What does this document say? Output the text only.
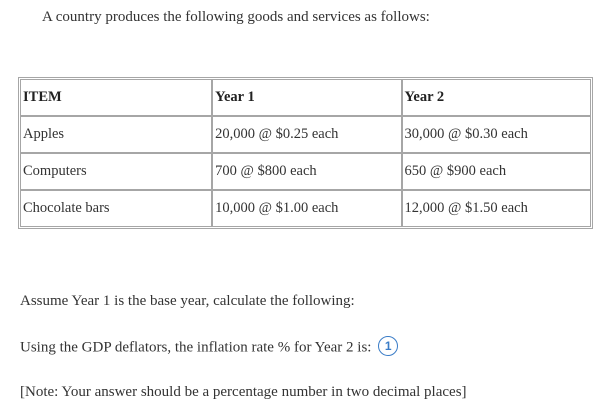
A country produces the following goods and services as follows:
ITEM	Year 1	Year 2
Apples	20,000 @ $0.25 each	30,000 @ $0.30 each
Computers	700 @ $800 each	650 @ $900 each
Chocolate bars	10,000 @ $1.00 each	12,000 @ $1.50 each
Assume Year 1 is the base year, calculate the following:
Using the GDP deflators, the inflation rate % for Year 2 is: 1
[Note: Your answer should be a percentage number in two decimal places]
